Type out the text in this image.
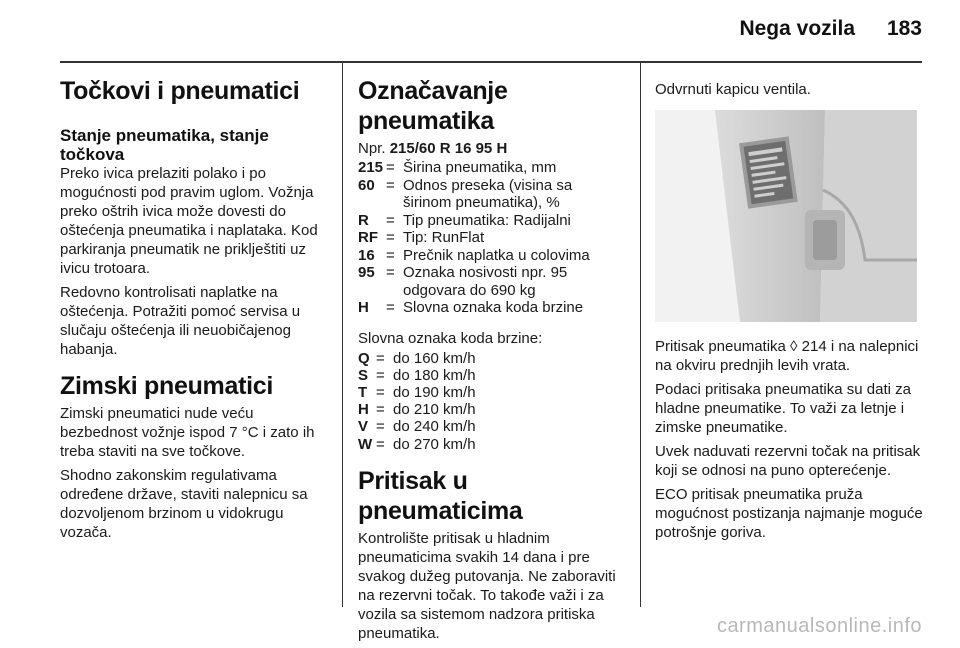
Nega vozila 183
Točkovi i pneumatici
Stanje pneumatika, stanje točkova

Preko ivica prelaziti polako i po mogućnosti pod pravim uglom. Vožnja preko oštrih ivica može dovesti do oštećenja pneumatika i naplataka. Kod parkiranja pneumatik ne priklještiti uz ivicu trotoara.

Redovno kontrolisati naplatke na oštećenja. Potražiti pomoć servisa u slučaju oštećenja ili neuobičajenog habanja.

Zimski pneumatici

Zimski pneumatici nude veću bezbednost vožnje ispod 7 °C i zato ih treba staviti na sve točkove.

Shodno zakonskim regulativama određene države, staviti nalepnicu sa dozvoljenom brzinom u vidokrugu vozača.

Označavanje pneumatika

Npr. 215/60 R 16 95 H

215 = Širina pneumatika, mm
60 = Odnos preseka (visina sa širinom pneumatika), %
R	= Tip pneumatika: Radijalni
RF = Tip: RunFlat
16 = Prečnik naplatka u colovima
95 = Oznaka nosivosti npr. 95 odgovara do 690 kg
H	= Slovna oznaka koda brzine

Slovna oznaka koda brzine:

Q = do 160 km/h
S = do 180 km/h
T = do 190 km/h
H = do 210 km/h
V = do 240 km/h
W = do 270 km/h
Pritisak u pneumaticima

Kontrolište pritisak u hladnim pneumaticima svakih 14 dana i pre svakog dužeg putovanja. Ne zaboraviti na rezervni točak. To takođe važi i za vozila sa sistemom nadzora pritiska pneumatika.

Odvrnuti kapicu ventila.

Pritisak pneumatika ◊ 214 i na nalepnici na okviru prednjih levih vrata.

Podaci pritisaka pneumatika su dati za hladne pneumatike. To važi za letnje i zimske pneumatike.

Uvek naduvati rezervni točak na pritisak koji se odnosi na puno opterećenje.

ECO pritisak pneumatika pruža mogućnost postizanja najmanje moguće potrošnje goriva.

carmanualsonline.info
